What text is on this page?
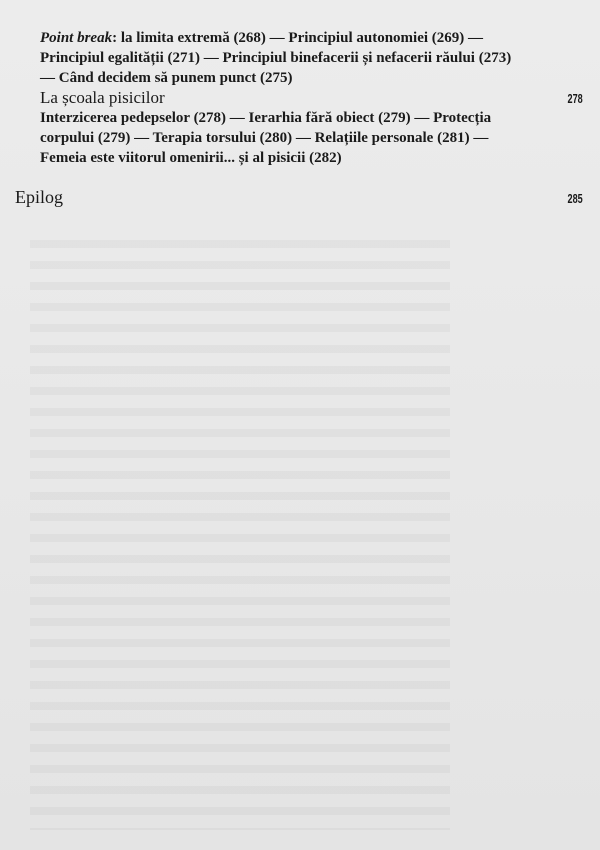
Point break: la limita extremă (268) — Principiul autonomiei (269) — Principiul egalității (271) — Principiul binefacerii și nefacerii răului (273) — Când decidem să punem punct (275)
La școala pisicilor	278
Interzicerea pedepselor (278) — Ierarhia fără obiect (279) — Protecția corpului (279) — Terapia torsului (280) — Relațiile personale (281) — Femeia este viitorul omenirii... și al pisicii (282)
Epilog	285
